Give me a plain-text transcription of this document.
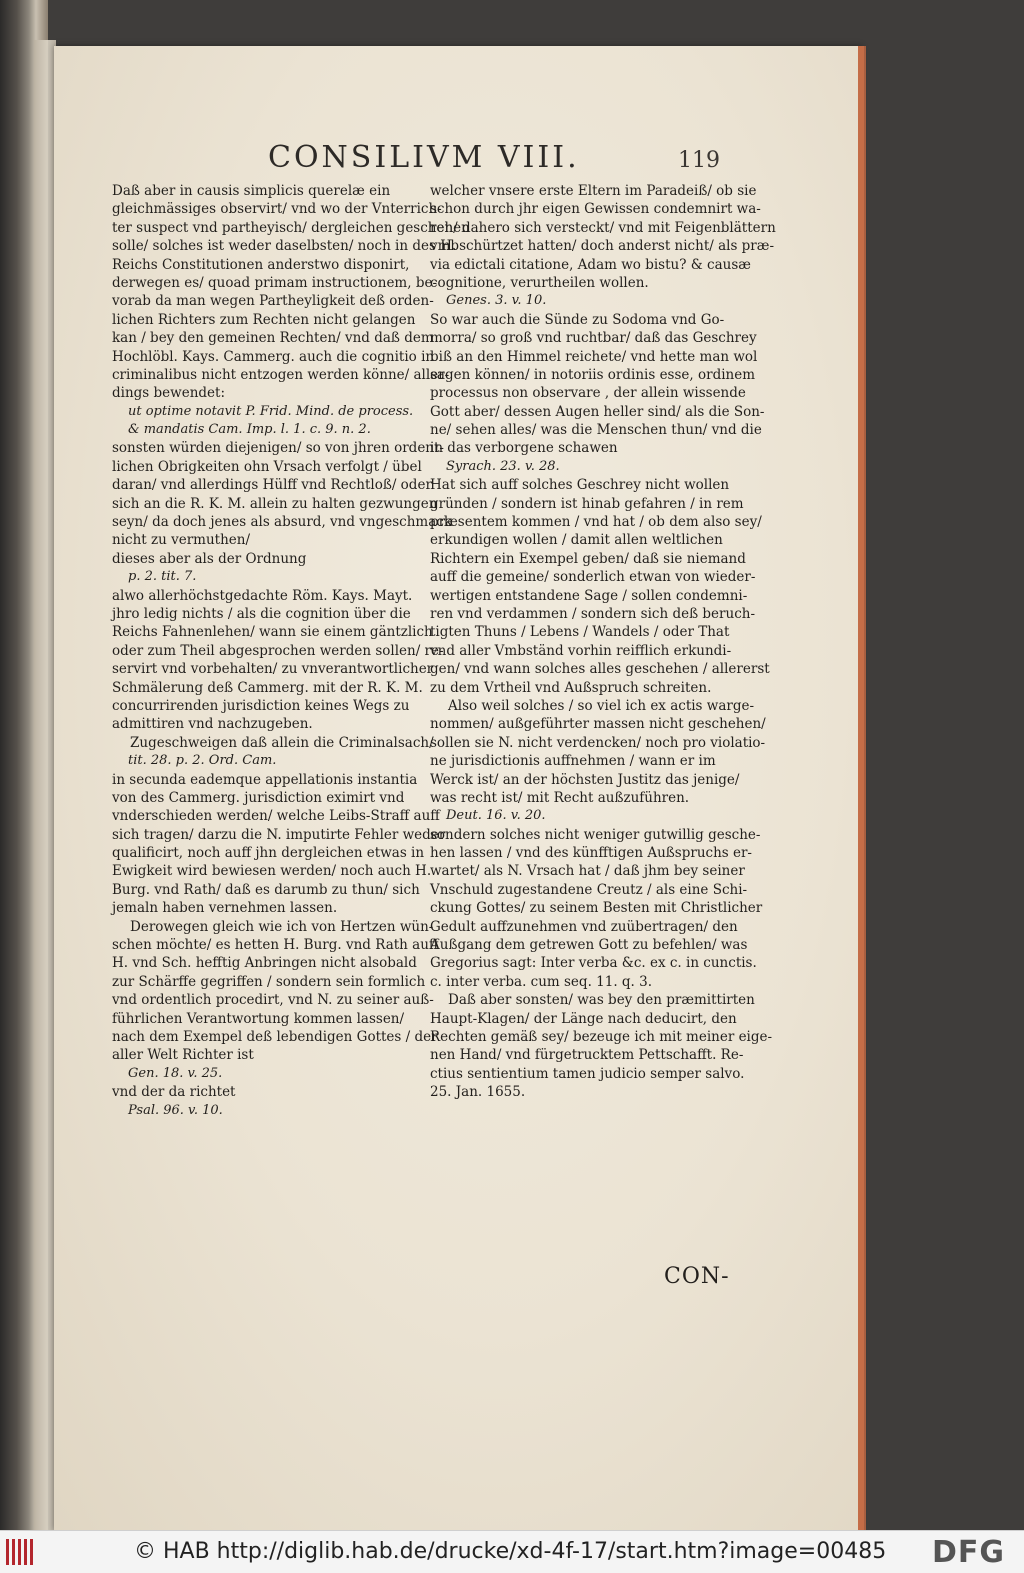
CONSILIVM VIII.	119
Daß aber in causis simplicis querelæ ein
gleichmässiges observirt/ vnd wo der Vnterrich-
ter suspect vnd partheyisch/ dergleichen geschehen
solle/ solches ist weder daselbsten/ noch in des H.
Reichs Constitutionen anderstwo disponirt,
derwegen es/ quoad primam instructionem, be-
vorab da man wegen Partheyligkeit deß orden-
lichen Richters zum Rechten nicht gelangen
kan / bey den gemeinen Rechten/ vnd daß dem
Hochlöbl. Kays. Cammerg. auch die cognitio in
criminalibus nicht entzogen werden könne/ aller-
dings bewendet:
ut optime notavit P. Frid. Mind. de process.
& mandatis Cam. Imp. l. 1. c. 9. n. 2.
sonsten würden diejenigen/ so von jhren ordent-
lichen Obrigkeiten ohn Vrsach verfolgt / übel
daran/ vnd allerdings Hülff vnd Rechtloß/ oder
sich an die R. K. M. allein zu halten gezwungen
seyn/ da doch jenes als absurd, vnd vngeschmack
nicht zu vermuthen/
dieses aber als der Ordnung
p. 2. tit. 7.
alwo allerhöchstgedachte Röm. Kays. Mayt.
jhro ledig nichts / als die cognition über die
Reichs Fahnenlehen/ wann sie einem gäntzlich
oder zum Theil abgesprochen werden sollen/ re-
servirt vnd vorbehalten/ zu vnverantwortlicher
Schmälerung deß Cammerg. mit der R. K. M.
concurrirenden jurisdiction keines Wegs zu
admittiren vnd nachzugeben.
Zugeschweigen daß allein die Criminalsach/
tit. 28. p. 2. Ord. Cam.
in secunda eademque appellationis instantia
von des Cammerg. jurisdiction eximirt vnd
vnderschieden werden/ welche Leibs-Straff auff
sich tragen/ darzu die N. imputirte Fehler weder
qualificirt, noch auff jhn dergleichen etwas in
Ewigkeit wird bewiesen werden/ noch auch H.
Burg. vnd Rath/ daß es darumb zu thun/ sich
jemaln haben vernehmen lassen.
Derowegen gleich wie ich von Hertzen wün-
schen möchte/ es hetten H. Burg. vnd Rath auff
H. vnd Sch. hefftig Anbringen nicht alsobald
zur Schärffe gegriffen / sondern sein formlich
vnd ordentlich procedirt, vnd N. zu seiner auß-
führlichen Verantwortung kommen lassen/
nach dem Exempel deß lebendigen Gottes / der
aller Welt Richter ist
Gen. 18. v. 25.
vnd der da richtet
Psal. 96. v. 10.
welcher vnsere erste Eltern im Paradeiß/ ob sie
schon durch jhr eigen Gewissen condemnirt wa-
ren/ dahero sich versteckt/ vnd mit Feigenblättern
vmbschürtzet hatten/ doch anderst nicht/ als præ-
via edictali citatione, Adam wo bistu? & causæ
cognitione, verurtheilen wollen.
Genes. 3. v. 10.
So war auch die Sünde zu Sodoma vnd Go-
morra/ so groß vnd ruchtbar/ daß das Geschrey
biß an den Himmel reichete/ vnd hette man wol
sagen können/ in notoriis ordinis esse, ordinem
processus non observare , der allein wissende
Gott aber/ dessen Augen heller sind/ als die Son-
ne/ sehen alles/ was die Menschen thun/ vnd die
in das verborgene schawen
Syrach. 23. v. 28.
Hat sich auff solches Geschrey nicht wollen
gründen / sondern ist hinab gefahren / in rem
præsentem kommen / vnd hat / ob dem also sey/
erkundigen wollen / damit allen weltlichen
Richtern ein Exempel geben/ daß sie niemand
auff die gemeine/ sonderlich etwan von wieder-
wertigen entstandene Sage / sollen condemni-
ren vnd verdammen / sondern sich deß beruch-
tigten Thuns / Lebens / Wandels / oder That
vnd aller Vmbständ vorhin reifflich erkundi-
gen/ vnd wann solches alles geschehen / allererst
zu dem Vrtheil vnd Außspruch schreiten.
Also weil solches / so viel ich ex actis warge-
nommen/ außgeführter massen nicht geschehen/
sollen sie N. nicht verdencken/ noch pro violatio-
ne jurisdictionis auffnehmen / wann er im
Werck ist/ an der höchsten Justitz das jenige/
was recht ist/ mit Recht außzuführen.
Deut. 16. v. 20.
sondern solches nicht weniger gutwillig gesche-
hen lassen / vnd des künfftigen Außspruchs er-
wartet/ als N. Vrsach hat / daß jhm bey seiner
Vnschuld zugestandene Creutz / als eine Schi-
ckung Gottes/ zu seinem Besten mit Christlicher
Gedult auffzunehmen vnd zuübertragen/ den
Außgang dem getrewen Gott zu befehlen/ was
Gregorius sagt: Inter verba &c. ex c. in cunctis.
c. inter verba. cum seq. 11. q. 3.
Daß aber sonsten/ was bey den præmittirten
Haupt-Klagen/ der Länge nach deducirt, den
Rechten gemäß sey/ bezeuge ich mit meiner eige-
nen Hand/ vnd fürgetrucktem Pettschafft. Re-
ctius sentientium tamen judicio semper salvo.
25. Jan. 1655.
CON-
© HAB http://diglib.hab.de/drucke/xd-4f-17/start.htm?image=00485 DFG
